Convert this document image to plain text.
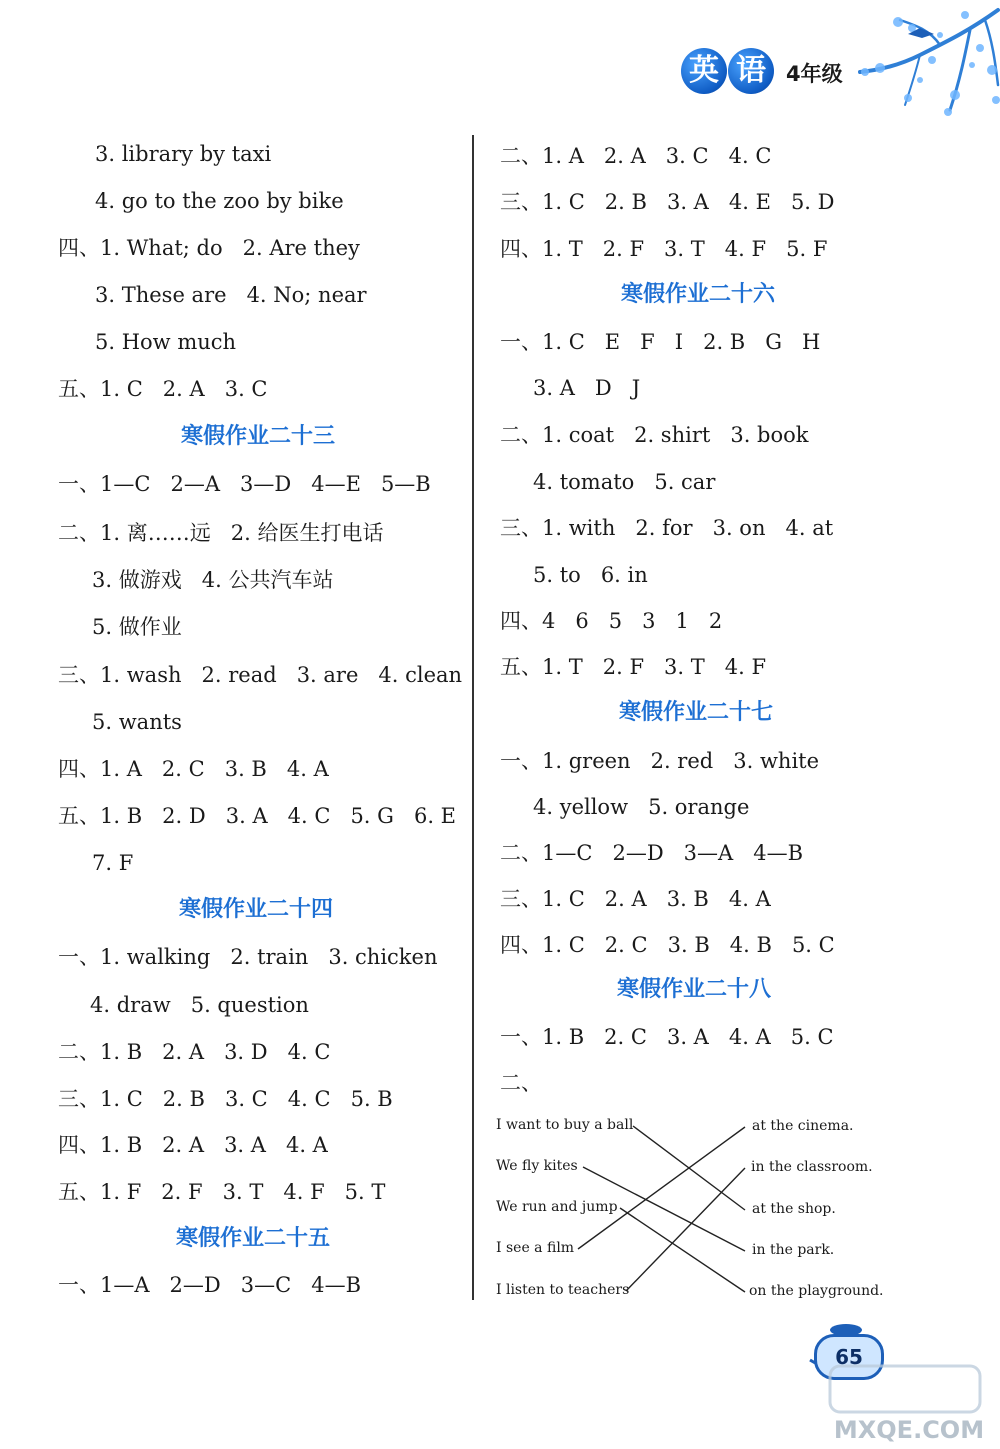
英 语 4年级
3. library by taxi
4. go to the zoo by bike
四、1. What; do   2. Are they
3. These are   4. No; near
5. How much
五、1. C   2. A   3. C
寒假作业二十三
一、1—C   2—A   3—D   4—E   5—B
二、1. 离……远   2. 给医生打电话
3. 做游戏   4. 公共汽车站
5. 做作业
三、1. wash   2. read   3. are   4. clean
5. wants
四、1. A   2. C   3. B   4. A
五、1. B   2. D   3. A   4. C   5. G   6. E
7. F
寒假作业二十四
一、1. walking   2. train   3. chicken
4. draw   5. question
二、1. B   2. A   3. D   4. C
三、1. C   2. B   3. C   4. C   5. B
四、1. B   2. A   3. A   4. A
五、1. F   2. F   3. T   4. F   5. T
寒假作业二十五
一、1—A   2—D   3—C   4—B
二、1. A   2. A   3. C   4. C
三、1. C   2. B   3. A   4. E   5. D
四、1. T   2. F   3. T   4. F   5. F
寒假作业二十六
一、1. C   E   F   I   2. B   G   H
3. A   D   J
二、1. coat   2. shirt   3. book
4. tomato   5. car
三、1. with   2. for   3. on   4. at
5. to   6. in
四、4   6   5   3   1   2
五、1. T   2. F   3. T   4. F
寒假作业二十七
一、1. green   2. red   3. white
4. yellow   5. orange
二、1—C   2—D   3—A   4—B
三、1. C   2. A   3. B   4. A
四、1. C   2. C   3. B   4. B   5. C
寒假作业二十八
一、1. B   2. C   3. A   4. A   5. C
二、
I want to buy a ball
We fly kites
We run and jump
I see a film
I listen to teachers
at the cinema.
in the classroom.
at the shop.
in the park.
on the playground.
65
MXQE.COM
